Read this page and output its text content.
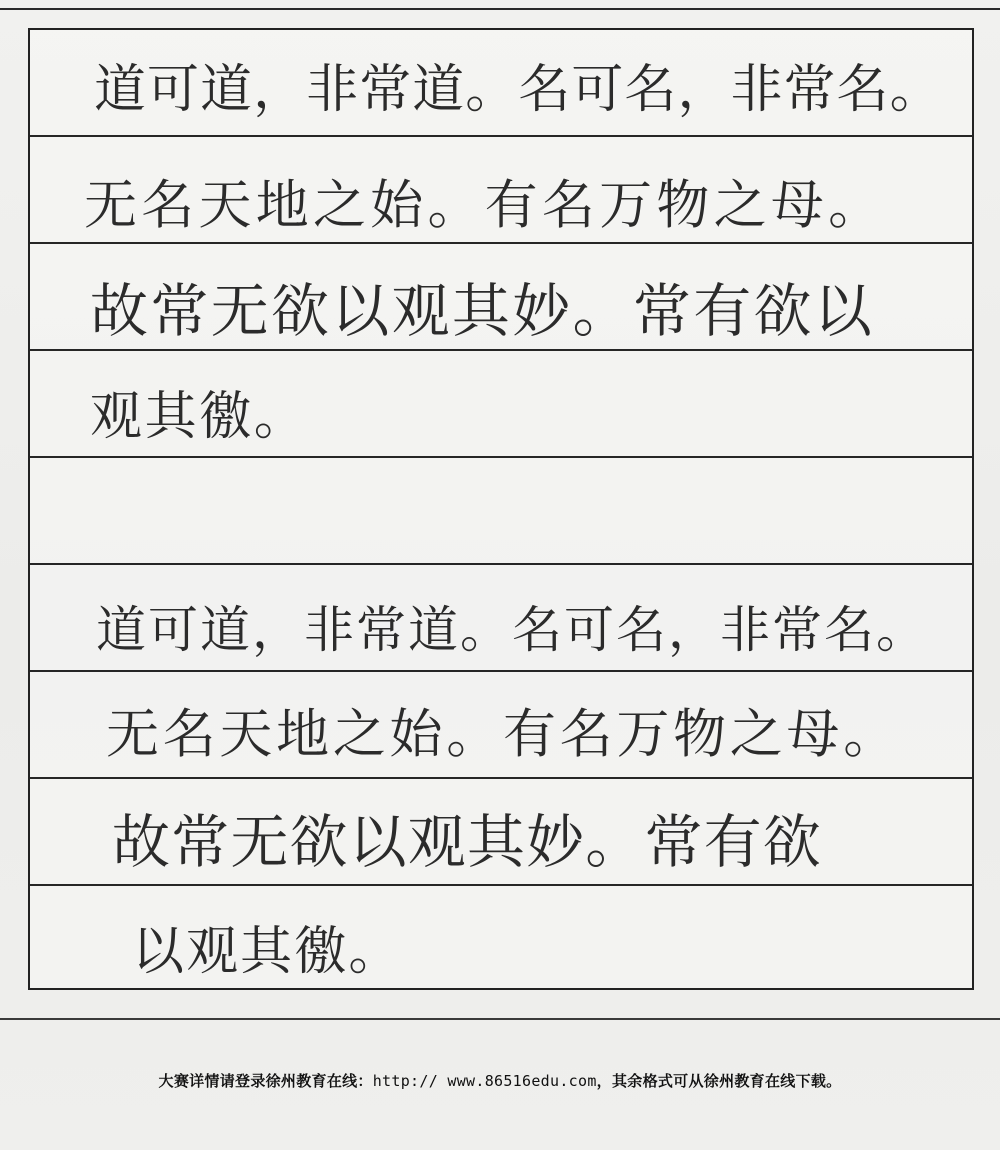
道可道，非常道。名可名，非常名。
无名天地之始。有名万物之母。
故常无欲以观其妙。常有欲以
观其徼。
道可道，非常道。名可名，非常名。
无名天地之始。有名万物之母。
故常无欲以观其妙。常有欲
以观其徼。
大赛详情请登录徐州教育在线：http:// www.86516edu.com，其余格式可从徐州教育在线下载。
